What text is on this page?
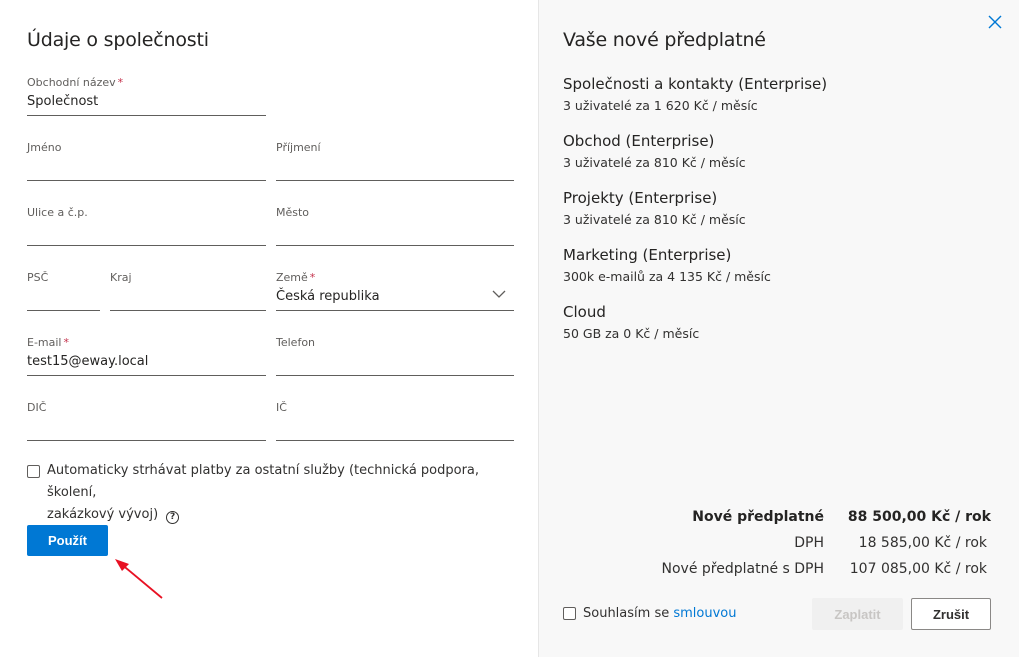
Údaje o společnosti
Obchodní název *
Společnost
Jméno	Příjmení
Ulice a č.p.	Město
PSČ	Kraj	Země *
Česká republika
E-mail *
test15@eway.local
Telefon
DIČ	IČ
Automaticky strhávat platby za ostatní služby (technická podpora, školení,
zakázkový vývoj) ?
Použít
Vaše nové předplatné
Společnosti a kontakty (Enterprise)
3 uživatelé za 1 620 Kč / měsíc
Obchod (Enterprise)
3 uživatelé za 810 Kč / měsíc
Projekty (Enterprise)
3 uživatelé za 810 Kč / měsíc
Marketing (Enterprise)
300k e-mailů za 4 135 Kč / měsíc
Cloud
50 GB za 0 Kč / měsíc
Nové předplatné 88 500,00 Kč / rok
DPH 18 585,00 Kč / rok
Nové předplatné s DPH 107 085,00 Kč / rok
Souhlasím se smlouvou	Zaplatit	Zrušit
